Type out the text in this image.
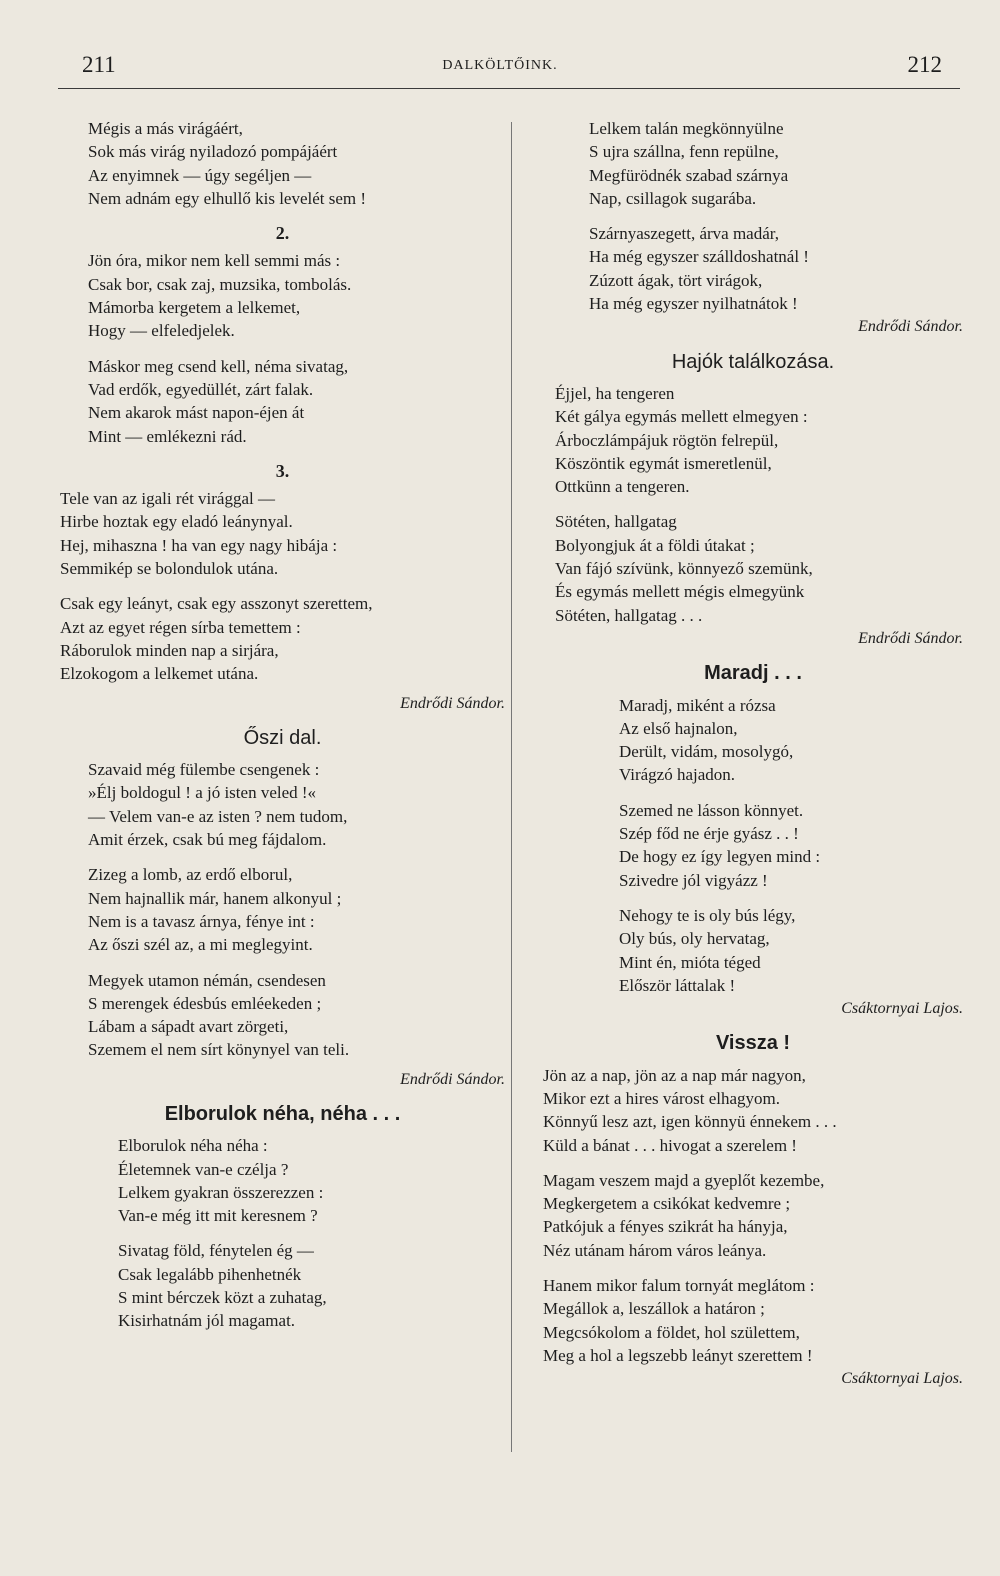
211	DALKÖLTŐINK.	212
Mégis a más virágáért,
Sok más virág nyiladozó pompájáért
Az enyimnek — úgy segéljen —
Nem adnám egy elhullő kis levelét sem !
2.
Jön óra, mikor nem kell semmi más :
Csak bor, csak zaj, muzsika, tombolás.
Mámorba kergetem a lelkemet,
Hogy — elfeledjelek.
Máskor meg csend kell, néma sivatag,
Vad erdők, egyedüllét, zárt falak.
Nem akarok mást napon-éjen át
Mint — emlékezni rád.
3.
Tele van az igali rét virággal —
Hirbe hoztak egy eladó leánynyal.
Hej, mihaszna ! ha van egy nagy hibája :
Semmikép se bolondulok utána.
Csak egy leányt, csak egy asszonyt szerettem,
Azt az egyet régen sírba temettem :
Ráborulok minden nap a sirjára,
Elzokogom a lelkemet utána.
Endrődi Sándor.
Őszi dal.
Szavaid még fülembe csengenek :
»Élj boldogul ! a jó isten veled !«
— Velem van-e az isten ? nem tudom,
Amit érzek, csak bú meg fájdalom.
Zizeg a lomb, az erdő elborul,
Nem hajnallik már, hanem alkonyul ;
Nem is a tavasz árnya, fénye int :
Az őszi szél az, a mi meglegyint.
Megyek utamon némán, csendesen
S merengek édesbús emléekeden ;
Lábam a sápadt avart zörgeti,
Szemem el nem sírt könynyel van teli.
Endrődi Sándor.
Elborulok néha, néha . . .
Elborulok néha néha :
Életemnek van-e czélja ?
Lelkem gyakran összerezzen :
Van-e még itt mit keresnem ?
Sivatag föld, fénytelen ég —
Csak legalább pihenhetnék
S mint bérczek közt a zuhatag,
Kisirhatnám jól magamat.
Lelkem talán megkönnyülne
S ujra szállna, fenn repülne,
Megfürödnék szabad szárnya
Nap, csillagok sugarába.
Szárnyaszegett, árva madár,
Ha még egyszer szálldoshatnál !
Zúzott ágak, tört virágok,
Ha még egyszer nyilhatnátok !
Endrődi Sándor.
Hajók találkozása.
Éjjel, ha tengeren
Két gálya egymás mellett elmegyen :
Árboczlámpájuk rögtön felrepül,
Köszöntik egymát ismeretlenül,
Ottkünn a tengeren.
Sötéten, hallgatag
Bolyongjuk át a földi útakat ;
Van fájó szívünk, könnyező szemünk,
És egymás mellett mégis elmegyünk
Sötéten, hallgatag . . .
Endrődi Sándor.
Maradj . . .
Maradj, miként a rózsa
Az első hajnalon,
Derült, vidám, mosolygó,
Virágzó hajadon.
Szemed ne lásson könnyet.
Szép főd ne érje gyász . . !
De hogy ez így legyen mind :
Szivedre jól vigyázz !
Nehogy te is oly bús légy,
Oly bús, oly hervatag,
Mint én, mióta téged
Először láttalak !
Csáktornyai Lajos.
Vissza !
Jön az a nap, jön az a nap már nagyon,
Mikor ezt a hires várost elhagyom.
Könnyű lesz azt, igen könnyü énnekem . . .
Küld a bánat . . . hivogat a szerelem !
Magam veszem majd a gyeplőt kezembe,
Megkergetem a csikókat kedvemre ;
Patkójuk a fényes szikrát ha hányja,
Néz utánam három város leánya.
Hanem mikor falum tornyát meglátom :
Megállok a, leszállok a határon ;
Megcsókolom a földet, hol születtem,
Meg a hol a legszebb leányt szerettem !
Csáktornyai Lajos.
